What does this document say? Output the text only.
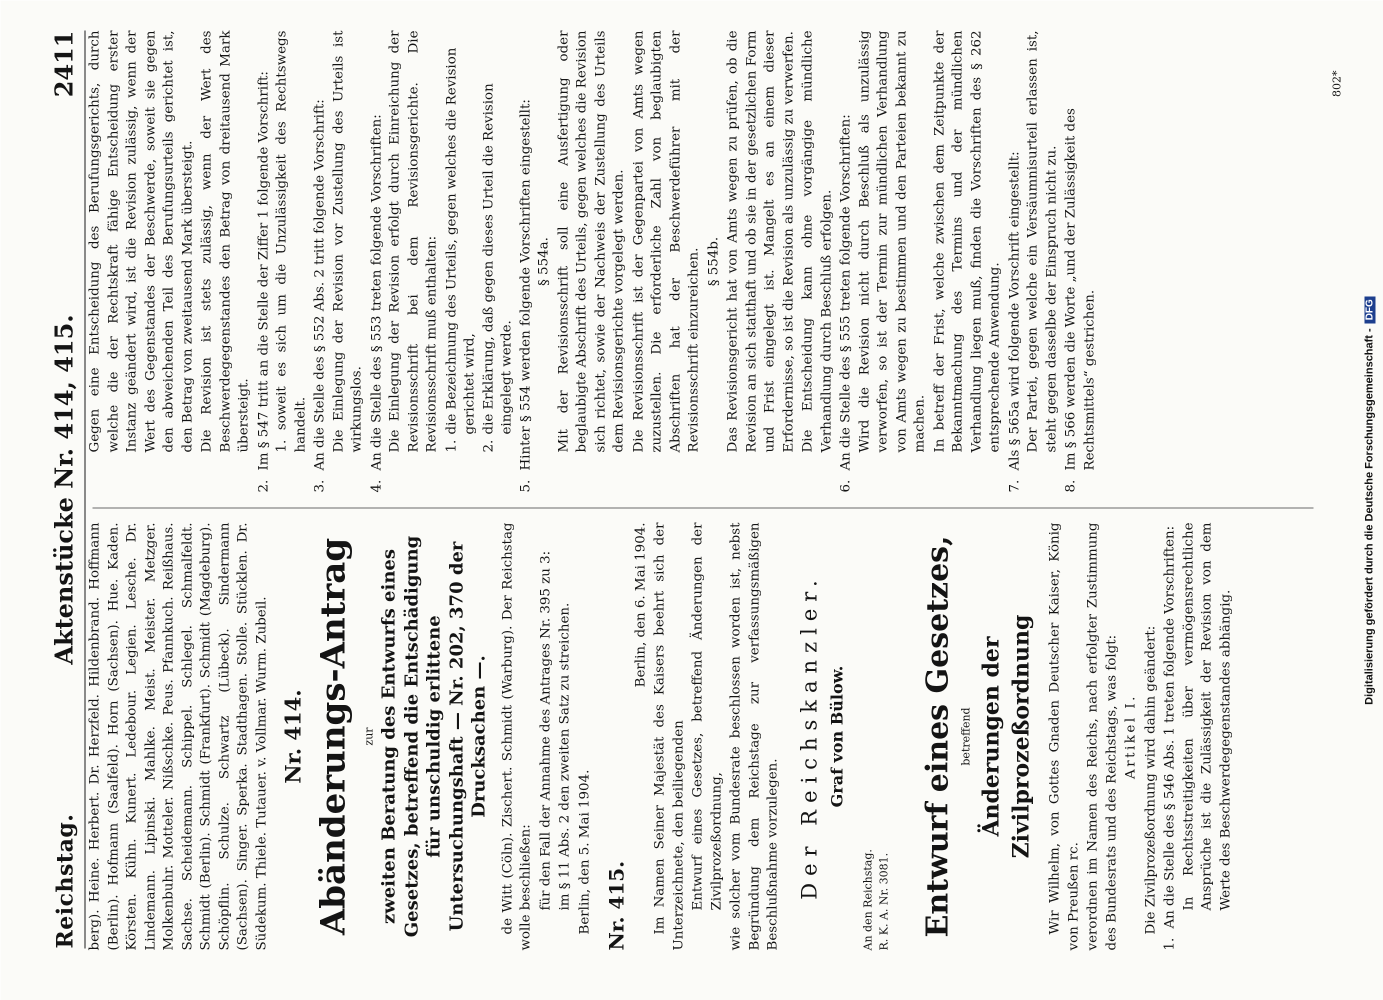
Reichstag.
Aktenstücke Nr. 414, 415.
2411

berg). Heine. Herbert. Dr. Herzfeld. Hildenbrand. Hoffmann (Berlin). Hofmann (Saalfeld). Horn (Sachsen). Hue. Kaden. Körsten. Kühn. Kunert. Ledebour. Legien. Lesche. Dr. Lindemann. Lipinski. Mahlke. Meist. Meister. Metzger. Molkenbuhr. Motteler. Nißschke. Peus. Pfannkuch. Reißhaus. Sachse. Scheidemann. Schippel. Schlegel. Schmalfeldt. Schmidt (Berlin). Schmidt (Frankfurt). Schmidt (Magdeburg). Schöpflin. Schulze. Schwartz (Lübeck). Sindermann (Sachsen). Singer. Sperka. Stadthagen. Stolle. Stücklen. Dr. Südekum. Thiele. Tutauer. v. Vollmar. Wurm. Zubeil. Nr. 414. Abänderungs-Antrag zur zweiten Beratung des Entwurfs eines Gesetzes, betreffend die Entschädigung für unschuldig erlittene Untersuchungshaft — Nr. 202, 370 der Drucksachen —. de Witt (Cöln). Zischert. Schmidt (Warburg). Der Reichstag wolle beschließen: für den Fall der Annahme des Antrages Nr. 395 zu 3: im § 11 Abs. 2 den zweiten Satz zu streichen. Berlin, den 5. Mai 1904. Nr. 415.

Berlin, den 6. Mai 1904. Im Namen Seiner Majestät des Kaisers beehrt sich der Unterzeichnete, den beiliegenden Entwurf eines Gesetzes, betreffend Änderungen der Zivilprozeßordnung, wie solcher vom Bundesrate beschlossen worden ist, nebst Begründung dem Reichstage zur verfassungsmäßigen Beschlußnahme vorzulegen. Der Reichskanzler. Graf von Bülow.

An den Reichstag. R. K. A. Nr. 3081. Entwurf eines Gesetzes, betreffend Änderungen der Zivilprozeßordnung Wir Wilhelm, von Gottes Gnaden Deutscher Kaiser, König von Preußen rc. verordnen im Namen des Reichs, nach erfolgter Zustimmung des Bundesrats und des Reichstags, was folgt: Artikel I. Die Zivilprozeßordnung wird dahin geändert:

1.
An die Stelle des § 546 Abs. 1 treten folgende Vorschriften: In Rechtsstreitigkeiten über vermögensrechtliche Ansprüche ist die Zulässigkeit der Revision von dem Werte des Beschwerdegegenstandes abhängig.

Gegen eine Entscheidung des Berufungsgerichts, durch welche die der Rechtskraft fähige Entscheidung erster Instanz geändert wird, ist die Revision zulässig, wenn der Wert des Gegenstandes der Beschwerde, soweit sie gegen den abweichenden Teil des Berufungsurteils gerichtet ist, den Betrag von zweitausend Mark übersteigt. Die Revision ist stets zulässig, wenn der Wert des Beschwerdegegenstandes den Betrag von dreitausend Mark übersteigt.

2.
Im § 547 tritt an die Stelle der Ziffer 1 folgende Vorschrift: 1. soweit es sich um die Unzulässigkeit des Rechtswegs handelt.

3.
An die Stelle des § 552 Abs. 2 tritt folgende Vorschrift: Die Einlegung der Revision vor Zustellung des Urteils ist wirkungslos.

4.
An die Stelle des § 553 treten folgende Vorschriften: Die Einlegung der Revision erfolgt durch Einreichung der Revisionsschrift bei dem Revisionsgerichte. Die Revisionsschrift muß enthalten: 1.
die Bezeichnung des Urteils, gegen welches die Revision gerichtet wird,
2.
die Erklärung, daß gegen dieses Urteil die Revision eingelegt werde.
5.
Hinter § 554 werden folgende Vorschriften eingestellt: § 554a. Mit der Revisionsschrift soll eine Ausfertigung oder beglaubigte Abschrift des Urteils, gegen welches die Revision sich richtet, sowie der Nachweis der Zustellung des Urteils dem Revisionsgerichte vorgelegt werden. Die Revisionsschrift ist der Gegenpartei von Amts wegen zuzustellen. Die erforderliche Zahl von beglaubigten Abschriften hat der Beschwerdeführer mit der Revisionsschrift einzureichen. § 554b. Das Revisionsgericht hat von Amts wegen zu prüfen, ob die Revision an sich statthaft und ob sie in der gesetzlichen Form und Frist eingelegt ist. Mangelt es an einem dieser Erfordernisse, so ist die Revision als unzulässig zu verwerfen. Die Entscheidung kann ohne vorgängige mündliche Verhandlung durch Beschluß erfolgen.

6.
An die Stelle des § 555 treten folgende Vorschriften: Wird die Revision nicht durch Beschluß als unzulässig verworfen, so ist der Termin zur mündlichen Verhandlung von Amts wegen zu bestimmen und den Parteien bekannt zu machen. In betreff der Frist, welche zwischen dem Zeitpunkte der Bekanntmachung des Termins und der mündlichen Verhandlung liegen muß, finden die Vorschriften des § 262 entsprechende Anwendung.

7.
Als § 565a wird folgende Vorschrift eingestellt: Der Partei, gegen welche ein Versäumnisurteil erlassen ist, steht gegen dasselbe der Einspruch nicht zu.

8.
Im § 566 werden die Worte „und der Zulässigkeit des Rechtsmittels“ gestrichen.
802*
Digitalisierung gefördert durch die Deutsche Forschungsgemeinschaft -
DFG
